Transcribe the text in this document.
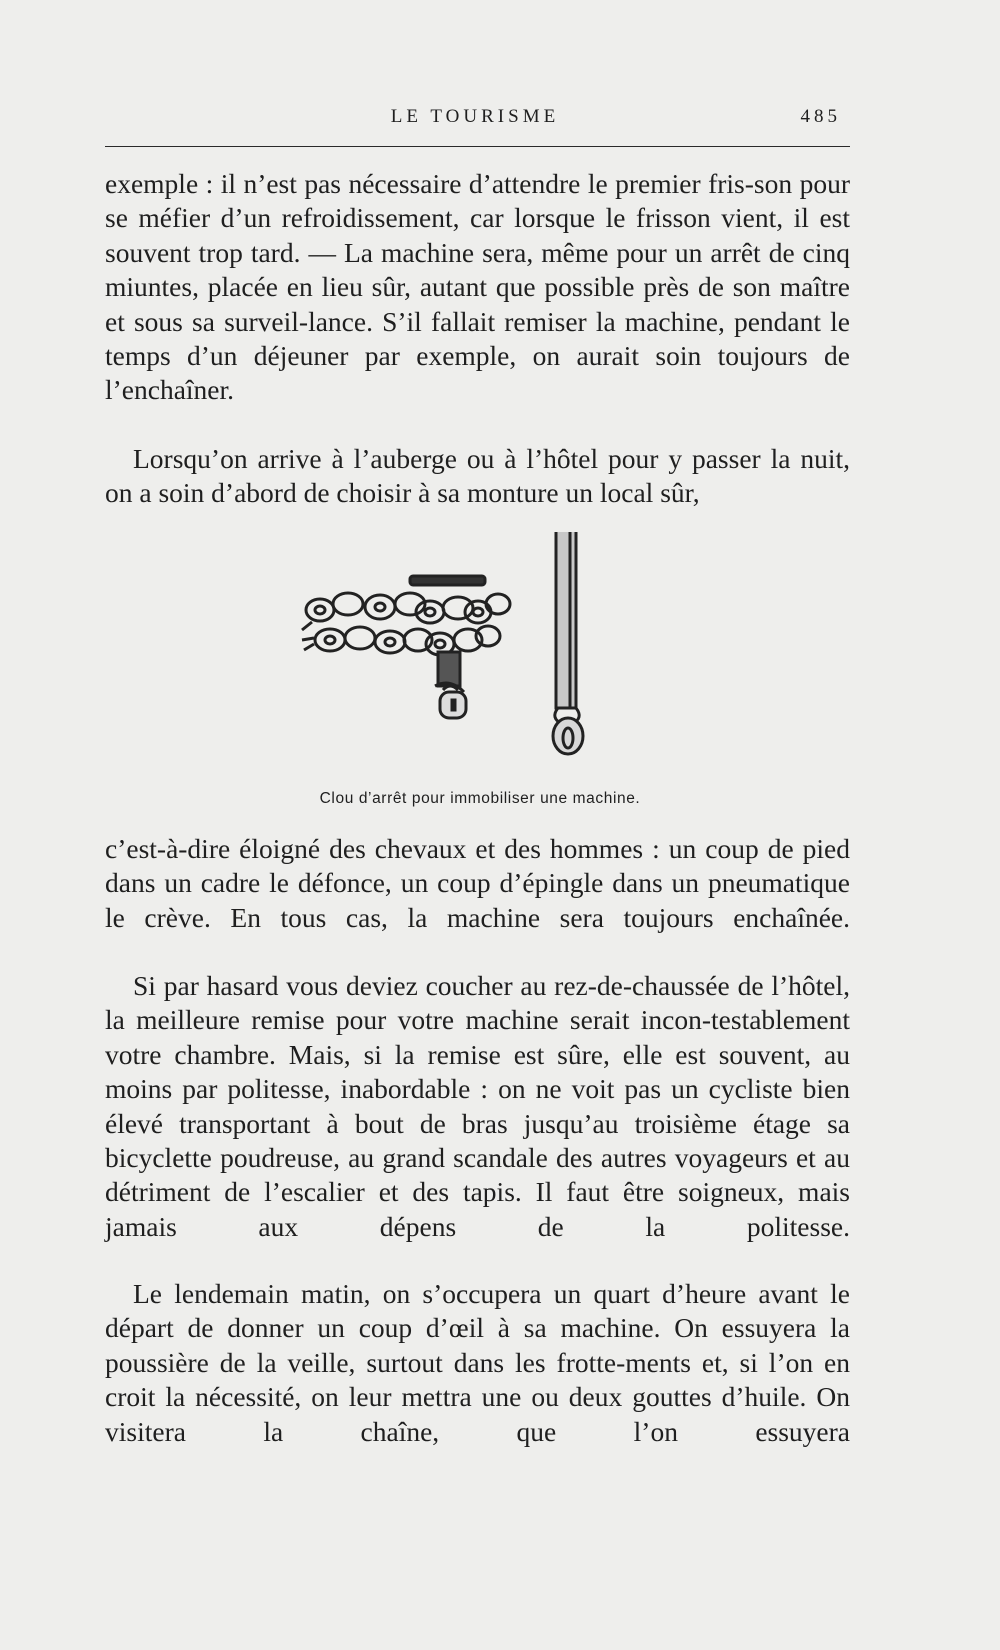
LE TOURISME	485

exemple : il n’est pas nécessaire d’attendre le premier fris-son pour se méfier d’un refroidissement, car lorsque le frisson vient, il est souvent trop tard. — La machine sera, même pour un arrêt de cinq miuntes, placée en lieu sûr, autant que possible près de son maître et sous sa surveil-lance. S’il fallait remiser la machine, pendant le temps d’un déjeuner par exemple, on aurait soin toujours de l’enchaîner.

Lorsqu’on arrive à l’auberge ou à l’hôtel pour y passer la nuit, on a soin d’abord de choisir à sa monture un local sûr,

Clou d’arrêt pour immobiliser une machine.

c’est-à-dire éloigné des chevaux et des hommes : un coup de pied dans un cadre le défonce, un coup d’épingle dans un pneumatique le crève. En tous cas, la machine sera toujours enchaînée.

Si par hasard vous deviez coucher au rez-de-chaussée de l’hôtel, la meilleure remise pour votre machine serait incon-testablement votre chambre. Mais, si la remise est sûre, elle est souvent, au moins par politesse, inabordable : on ne voit pas un cycliste bien élevé transportant à bout de bras jusqu’au troisième étage sa bicyclette poudreuse, au grand scandale des autres voyageurs et au détriment de l’escalier et des tapis. Il faut être soigneux, mais jamais aux dépens de la politesse.

Le lendemain matin, on s’occupera un quart d’heure avant le départ de donner un coup d’œil à sa machine. On essuyera la poussière de la veille, surtout dans les frotte-ments et, si l’on en croit la nécessité, on leur mettra une ou deux gouttes d’huile. On visitera la chaîne, que l’on essuyera
